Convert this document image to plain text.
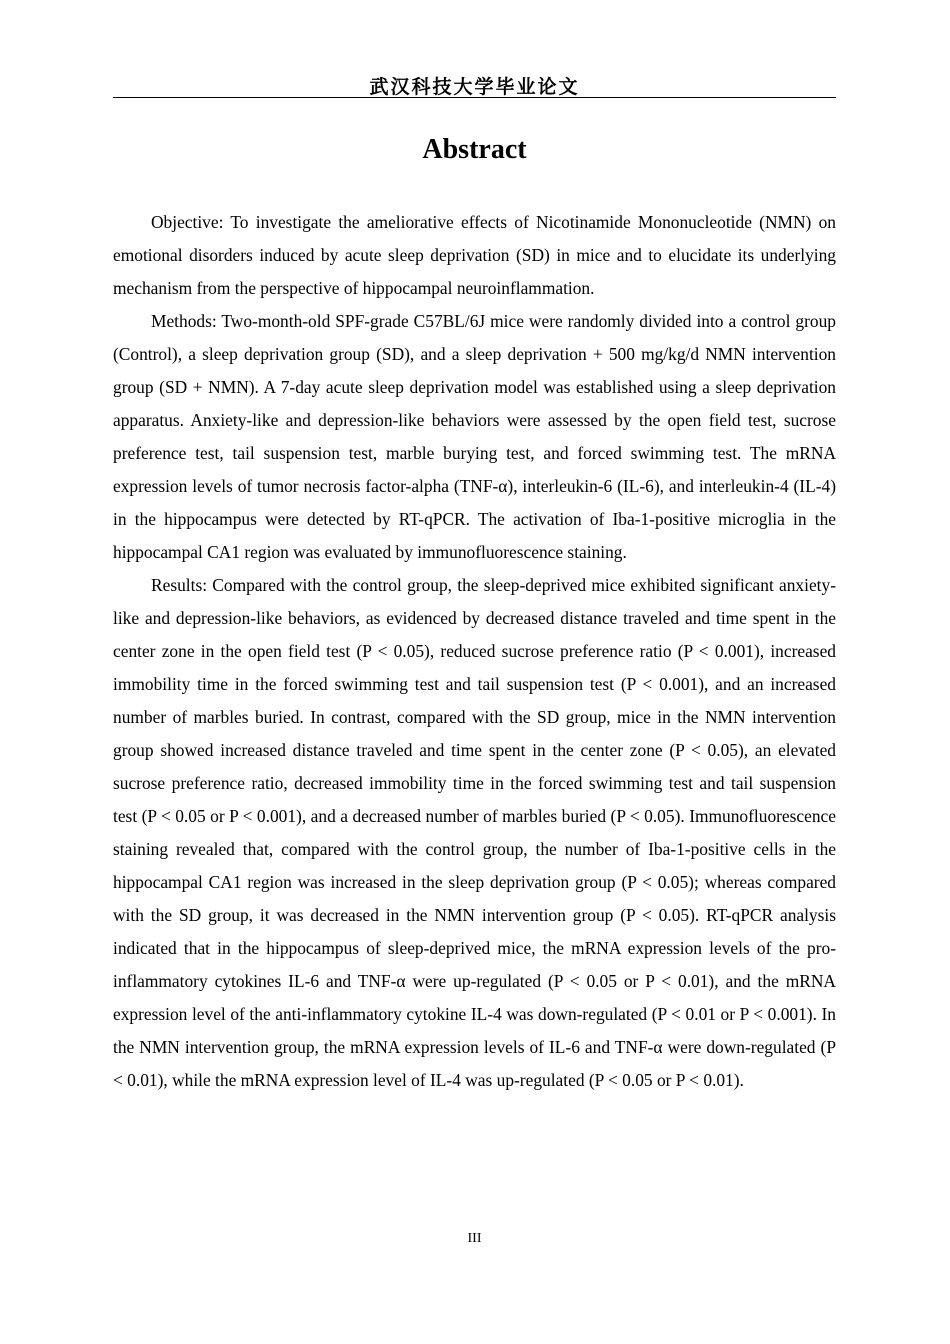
武汉科技大学毕业论文
Abstract

Objective: To investigate the ameliorative effects of Nicotinamide Mononucleotide (NMN) on emotional disorders induced by acute sleep deprivation (SD) in mice and to elucidate its underlying mechanism from the perspective of hippocampal neuroinflammation.

Methods: Two-month-old SPF-grade C57BL/6J mice were randomly divided into a control group (Control), a sleep deprivation group (SD), and a sleep deprivation + 500 mg/kg/d NMN intervention group (SD + NMN). A 7-day acute sleep deprivation model was established using a sleep deprivation apparatus. Anxiety-like and depression-like behaviors were assessed by the open field test, sucrose preference test, tail suspension test, marble burying test, and forced swimming test. The mRNA expression levels of tumor necrosis factor-alpha (TNF-α), interleukin-6 (IL-6), and interleukin-4 (IL-4) in the hippocampus were detected by RT-qPCR. The activation of Iba-1-positive microglia in the hippocampal CA1 region was evaluated by immunofluorescence staining.

Results: Compared with the control group, the sleep-deprived mice exhibited significant anxiety-like and depression-like behaviors, as evidenced by decreased distance traveled and time spent in the center zone in the open field test (P < 0.05), reduced sucrose preference ratio (P < 0.001), increased immobility time in the forced swimming test and tail suspension test (P < 0.001), and an increased number of marbles buried. In contrast, compared with the SD group, mice in the NMN intervention group showed increased distance traveled and time spent in the center zone (P < 0.05), an elevated sucrose preference ratio, decreased immobility time in the forced swimming test and tail suspension test (P < 0.05 or P < 0.001), and a decreased number of marbles buried (P < 0.05). Immunofluorescence staining revealed that, compared with the control group, the number of Iba-1-positive cells in the hippocampal CA1 region was increased in the sleep deprivation group (P < 0.05); whereas compared with the SD group, it was decreased in the NMN intervention group (P < 0.05). RT-qPCR analysis indicated that in the hippocampus of sleep-deprived mice, the mRNA expression levels of the pro-inflammatory cytokines IL-6 and TNF-α were up-regulated (P < 0.05 or P < 0.01), and the mRNA expression level of the anti-inflammatory cytokine IL-4 was down-regulated (P < 0.01 or P < 0.001). In the NMN intervention group, the mRNA expression levels of IL-6 and TNF-α were down-regulated (P < 0.01), while the mRNA expression level of IL-4 was up-regulated (P < 0.05 or P < 0.01).

III
